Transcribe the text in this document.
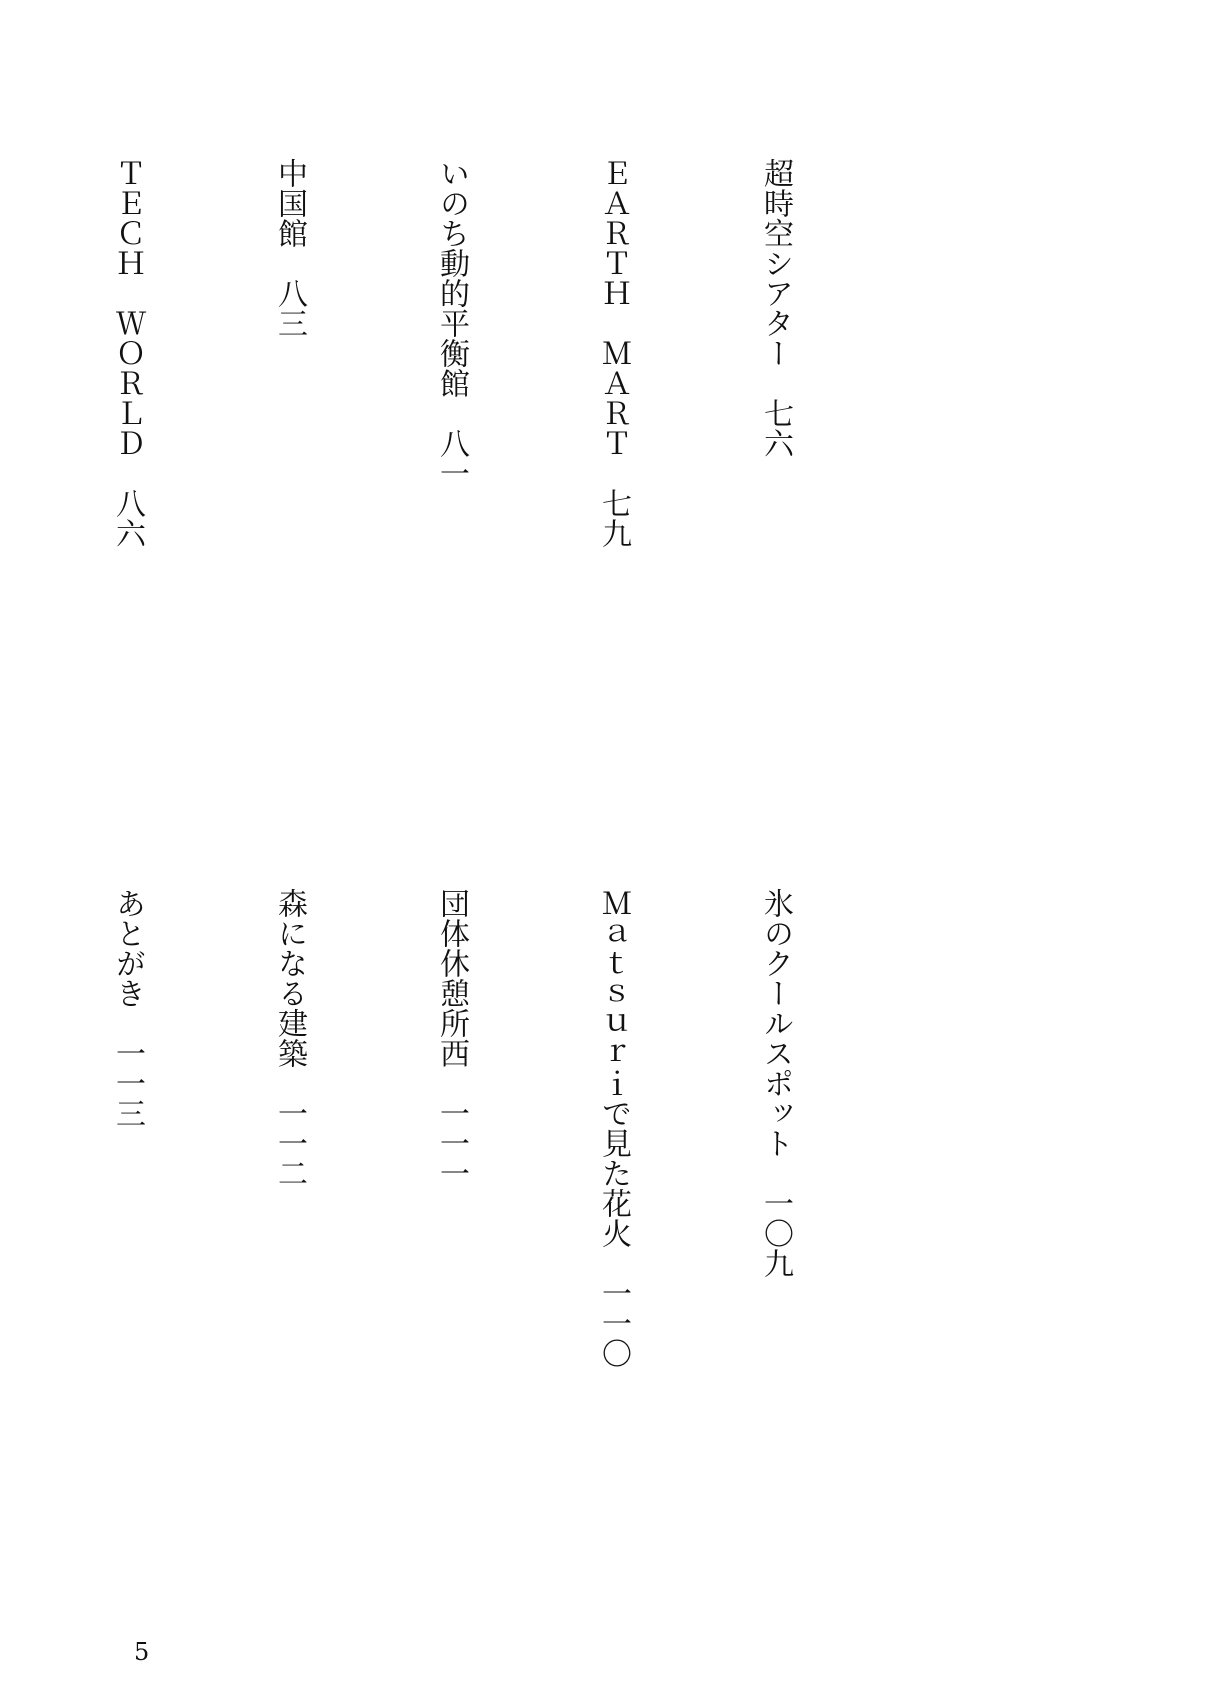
超時空シアター　七六

ＥＡＲＴＨ　ＭＡＲＴ　七九

いのち動的平衡館　八一

中国館　八三

ＴＥＣＨ　ＷＯＲＬＤ　八六

氷のクールスポット　一〇九

Ｍａｔｓｕｒｉで見た花火　一一〇

団体休憩所西　一一一

森になる建築　一一二

あとがき　一一三

5
